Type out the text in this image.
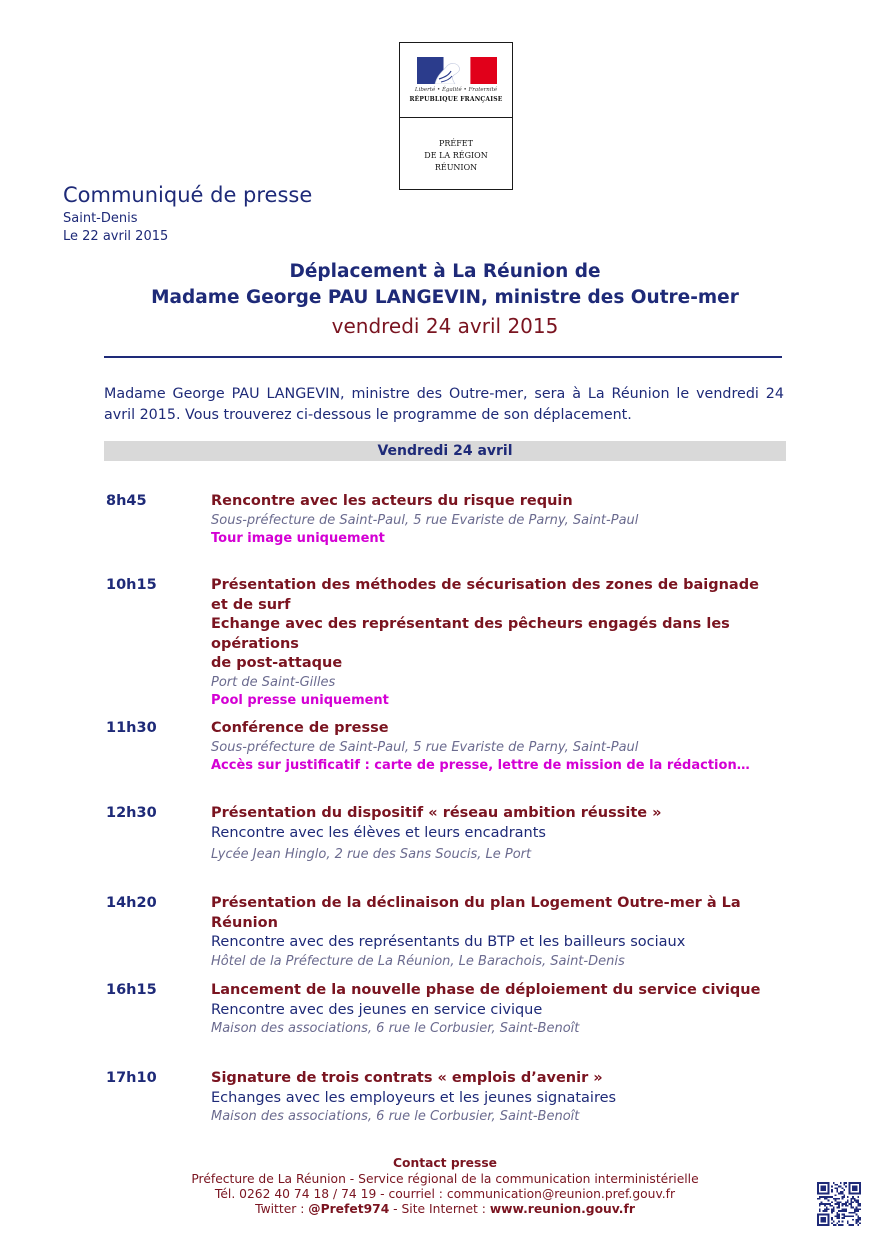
Liberté • Égalité • Fraternité
RÉPUBLIQUE FRANÇAISE
PRÉFET
DE LA RÉGION
RÉUNION
Communiqué de presse
Saint-Denis
Le 22 avril 2015
Déplacement à La Réunion de
Madame George PAU LANGEVIN, ministre des Outre-mer
vendredi 24 avril 2015
Madame George PAU LANGEVIN, ministre des Outre-mer, sera à La Réunion le vendredi 24 avril 2015. Vous trouverez ci-dessous le programme de son déplacement.
Vendredi 24 avril
8h45	Rencontre avec les acteurs du risque requin
Sous-préfecture de Saint-Paul, 5 rue Evariste de Parny, Saint-Paul
Tour image uniquement
10h15	Présentation des méthodes de sécurisation des zones de baignade
et de surf
Echange avec des représentant des pêcheurs engagés dans les opérations
de post-attaque
Port de Saint-Gilles
Pool presse uniquement
11h30	Conférence de presse
Sous-préfecture de Saint-Paul, 5 rue Evariste de Parny, Saint-Paul
Accès sur justificatif : carte de presse, lettre de mission de la rédaction…
12h30	Présentation du dispositif « réseau ambition réussite »
Rencontre avec les élèves et leurs encadrants
Lycée Jean Hinglo, 2 rue des Sans Soucis, Le Port
14h20	Présentation de la déclinaison du plan Logement Outre-mer à La Réunion
Rencontre avec des représentants du BTP et les bailleurs sociaux
Hôtel de la Préfecture de La Réunion, Le Barachois, Saint-Denis
16h15	Lancement de la nouvelle phase de déploiement du service civique
Rencontre avec des jeunes en service civique
Maison des associations, 6 rue le Corbusier, Saint-Benoît
17h10	Signature de trois contrats « emplois d’avenir »
Echanges avec les employeurs et les jeunes signataires
Maison des associations, 6 rue le Corbusier, Saint-Benoît
Contact presse
Préfecture de La Réunion - Service régional de la communication interministérielle
Tél. 0262 40 74 18 / 74 19 - courriel : communication@reunion.pref.gouv.fr
Twitter : @Prefet974 - Site Internet : www.reunion.gouv.fr
